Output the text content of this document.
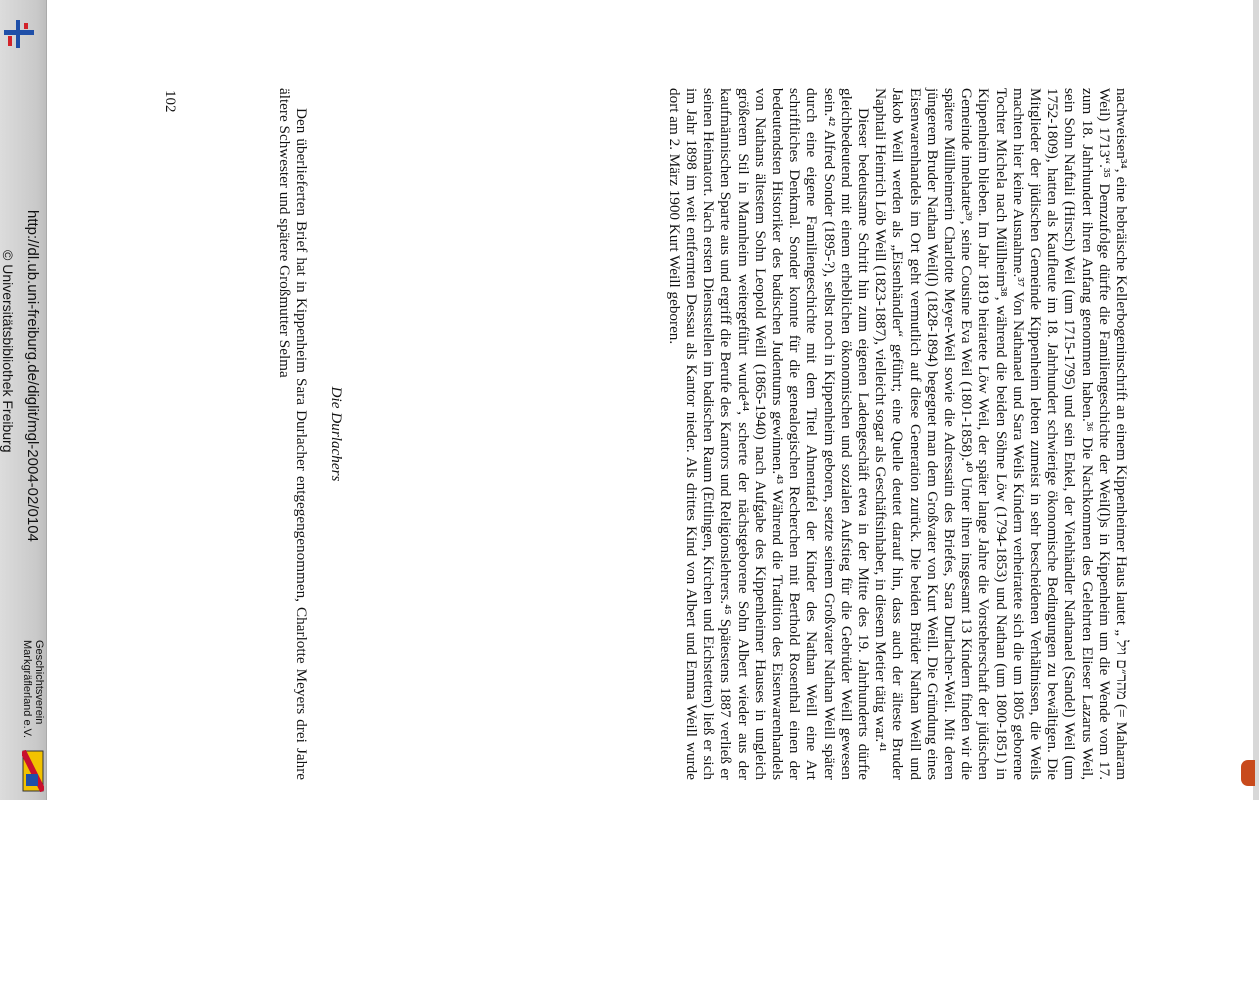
http://dl.ub.uni-freiburg.de/diglit/mgl-2004-02/0104
© Universitätsbibliothek Freiburg
Geschichtsverein
Markgräflerland e.V.

nachweisen³⁴, eine hebräische Kellerbogeninschrift an einem Kippenheimer Haus lautet „ מהר״ם ויל (= Maharam Weil) 1713“.³⁵ Demzufolge dürfte die Familiengeschichte der Weil(l)s in Kippenheim um die Wende vom 17. zum 18. Jahrhundert ihren Anfang genommen haben.³⁶ Die Nachkommen des Gelehrten Elieser Lazarus Weil, sein Sohn Naftali (Hirsch) Weil (um 1715-1795) und sein Enkel, der Viehhändler Nathanael (Sandel) Weil (um 1752-1809), hatten als Kaufleute im 18. Jahrhundert schwierige ökonomische Bedingungen zu bewältigen. Die Mitglieder der jüdischen Gemeinde Kippenheim lebten zumeist in sehr bescheidenen Verhältnissen, die Weils machten hier keine Ausnahme.³⁷ Von Nathanael und Sara Weils Kindern verheiratete sich die um 1805 geborene Tochter Michela nach Müllheim³⁸, während die beiden Söhne Löw (1794-1853) und Nathan (um 1800-1851) in Kippenheim blieben. Im Jahr 1819 heiratete Löw Weil, der später lange Jahre die Vorsteherschaft der jüdischen Gemeinde innehatte³⁹, seine Cousine Eva Weil (1801-1858).⁴⁰ Unter ihren insgesamt 13 Kindern finden wir die spätere Müllheimerin Charlotte Meyer-Weil sowie die Adressatin des Briefes, Sara Durlacher-Weil. Mit deren jüngerem Bruder Nathan Weil(l) (1828-1894) begegnet man dem Großvater von Kurt Weill. Die Gründung eines Eisenwarenhandels im Ort geht vermutlich auf diese Generation zurück. Die beiden Brüder Nathan Weill und Jakob Weill werden als „Eisenhändler“ geführt; eine Quelle deutet darauf hin, dass auch der älteste Bruder Naphtali Heinrich Löb Weill (1823-1887), vielleicht sogar als Geschäftsinhaber, in diesem Metier tätig war.⁴¹

Dieser bedeutsame Schritt hin zum eigenen Ladengeschäft etwa in der Mitte des 19. Jahrhunderts dürfte gleichbedeutend mit einem erheblichen ökonomischen und sozialen Aufstieg für die Gebrüder Weill gewesen sein.⁴² Alfred Sonder (1895-?), selbst noch in Kippenheim geboren, setzte seinem Großvater Nathan Weill später durch eine eigene Familiengeschichte mit dem Titel Ahnentafel der Kinder des Nathan Weill eine Art schriftliches Denkmal. Sonder konnte für die genealogischen Recherchen mit Berthold Rosenthal einen der bedeutendsten Historiker des badischen Judentums gewinnen.⁴³ Während die Tradition des Eisenwarenhandels von Nathans ältestem Sohn Leopold Weill (1865-1940) nach Aufgabe des Kippenheimer Hauses in ungleich größerem Stil in Mannheim weitergeführt wurde⁴⁴, scherte der nächstgeborene Sohn Albert wieder aus der kaufmännischen Sparte aus und ergriff die Berufe des Kantors und Religionslehrers.⁴⁵ Spätestens 1887 verließ er seinen Heimatort. Nach ersten Dienststellen im badischen Raum (Ettlingen, Kirchen und Eichstetten) ließ er sich im Jahr 1898 im weit entfernten Dessau als Kantor nieder. Als drittes Kind von Albert und Emma Weill wurde dort am 2. März 1900 Kurt Weill geboren.

Die Durlachers
Den überlieferten Brief hat in Kippenheim Sara Durlacher entgegengenommen, Charlotte Meyers drei Jahre ältere Schwester und spätere Großmutter Selma
102
